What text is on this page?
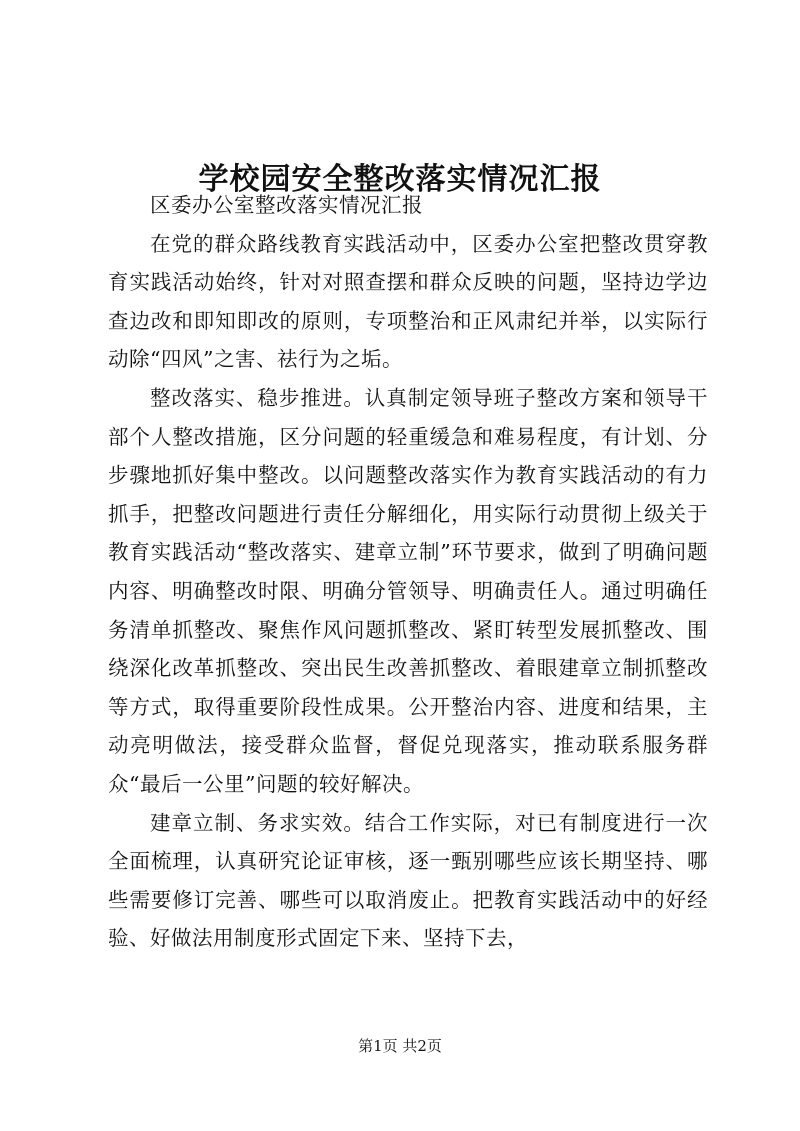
学校园安全整改落实情况汇报

区委办公室整改落实情况汇报

在党的群众路线教育实践活动中，区委办公室把整改贯穿教育实践活动始终，针对对照查摆和群众反映的问题，坚持边学边查边改和即知即改的原则，专项整治和正风肃纪并举，以实际行动除“四风”之害、祛行为之垢。

整改落实、稳步推进。认真制定领导班子整改方案和领导干部个人整改措施，区分问题的轻重缓急和难易程度，有计划、分步骤地抓好集中整改。以问题整改落实作为教育实践活动的有力抓手，把整改问题进行责任分解细化，用实际行动贯彻上级关于教育实践活动“整改落实、建章立制”环节要求，做到了明确问题内容、明确整改时限、明确分管领导、明确责任人。通过明确任务清单抓整改、聚焦作风问题抓整改、紧盯转型发展抓整改、围绕深化改革抓整改、突出民生改善抓整改、着眼建章立制抓整改等方式，取得重要阶段性成果。公开整治内容、进度和结果，主动亮明做法，接受群众监督，督促兑现落实，推动联系服务群众“最后一公里”问题的较好解决。

建章立制、务求实效。结合工作实际，对已有制度进行一次全面梳理，认真研究论证审核，逐一甄别哪些应该长期坚持、哪些需要修订完善、哪些可以取消废止。把教育实践活动中的好经验、好做法用制度形式固定下来、坚持下去，

第1页 共2页
